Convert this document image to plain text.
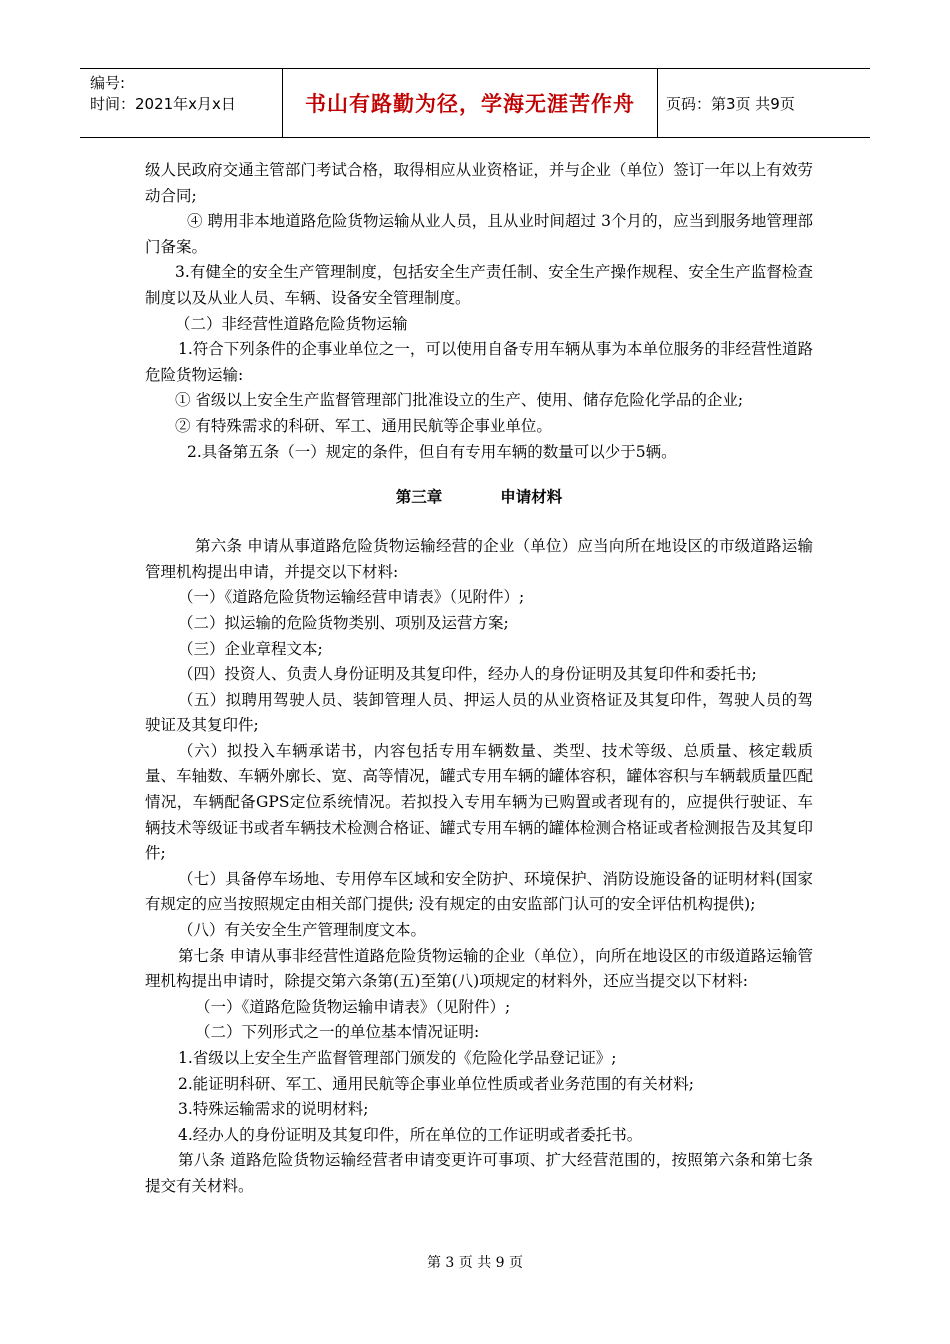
编号:
时间：2021年x月x日	书山有路勤为径，学海无涯苦作舟	页码：第3页 共9页

级人民政府交通主管部门考试合格，取得相应从业资格证，并与企业（单位）签订一年以上有效劳动合同;

④ 聘用非本地道路危险货物运输从业人员，且从业时间超过 3个月的，应当到服务地管理部门备案。

3.有健全的安全生产管理制度，包括安全生产责任制、安全生产操作规程、安全生产监督检查制度以及从业人员、车辆、设备安全管理制度。

（二）非经营性道路危险货物运输

1.符合下列条件的企事业单位之一，可以使用自备专用车辆从事为本单位服务的非经营性道路危险货物运输:

① 省级以上安全生产监督管理部门批准设立的生产、使用、储存危险化学品的企业;

② 有特殊需求的科研、军工、通用民航等企事业单位。

2.具备第五条（一）规定的条件，但自有专用车辆的数量可以少于5辆。

第三章	申请材料

第六条 申请从事道路危险货物运输经营的企业（单位）应当向所在地设区的市级道路运输管理机构提出申请，并提交以下材料:

（一）《道路危险货物运输经营申请表》（见附件）;

（二）拟运输的危险货物类别、项别及运营方案;

（三）企业章程文本;

（四）投资人、负责人身份证明及其复印件，经办人的身份证明及其复印件和委托书;

（五）拟聘用驾驶人员、装卸管理人员、押运人员的从业资格证及其复印件，驾驶人员的驾驶证及其复印件;

（六）拟投入车辆承诺书，内容包括专用车辆数量、类型、技术等级、总质量、核定载质量、车轴数、车辆外廓长、宽、高等情况，罐式专用车辆的罐体容积，罐体容积与车辆载质量匹配情况，车辆配备GPS定位系统情况。若拟投入专用车辆为已购置或者现有的，应提供行驶证、车辆技术等级证书或者车辆技术检测合格证、罐式专用车辆的罐体检测合格证或者检测报告及其复印件;

（七）具备停车场地、专用停车区域和安全防护、环境保护、消防设施设备的证明材料(国家有规定的应当按照规定由相关部门提供; 没有规定的由安监部门认可的安全评估机构提供);

（八）有关安全生产管理制度文本。

第七条 申请从事非经营性道路危险货物运输的企业（单位），向所在地设区的市级道路运输管理机构提出申请时，除提交第六条第(五)至第(八)项规定的材料外，还应当提交以下材料:

（一）《道路危险货物运输申请表》（见附件）;

（二）下列形式之一的单位基本情况证明:

1.省级以上安全生产监督管理部门颁发的《危险化学品登记证》;

2.能证明科研、军工、通用民航等企事业单位性质或者业务范围的有关材料;

3.特殊运输需求的说明材料;

4.经办人的身份证明及其复印件，所在单位的工作证明或者委托书。

第八条 道路危险货物运输经营者申请变更许可事项、扩大经营范围的，按照第六条和第七条提交有关材料。

第 3 页 共 9 页
